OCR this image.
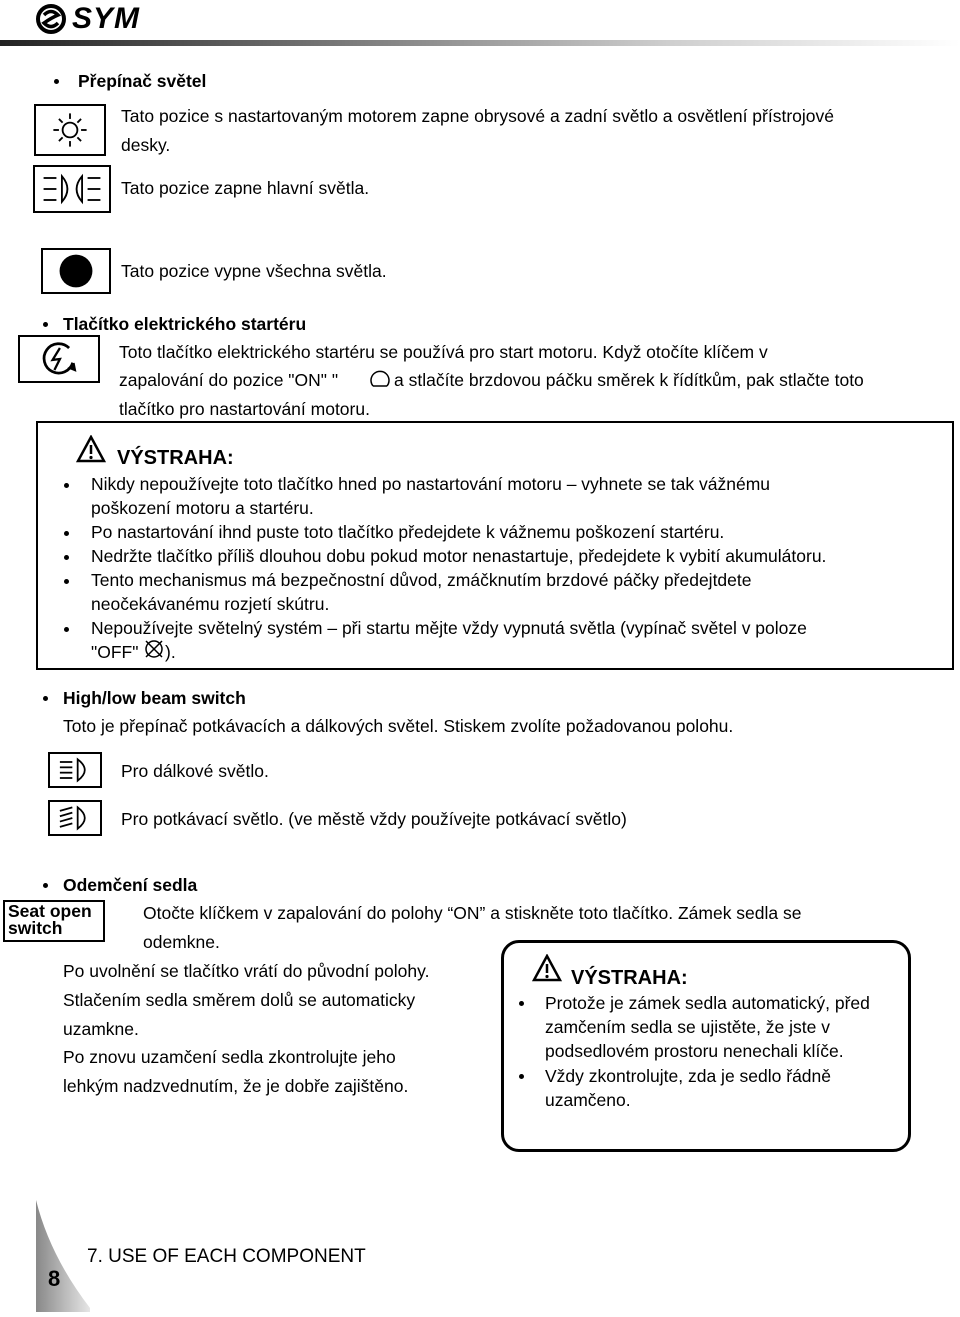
SYM
Přepínač světel
Tato pozice s nastartovaným motorem zapne obrysové a zadní světlo a osvětlení přístrojové
desky.
Tato pozice zapne hlavní světla.
Tato pozice vypne všechna světla.
Tlačítko elektrického startéru
Toto tlačítko elektrického startéru se používá pro start motoru. Když otočíte klíčem v
zapalování do pozice "ON" "	a stlačíte brzdovou páčku směrek k řídítkům, pak stlačte toto
tlačítko pro nastartování motoru.
VÝSTRAHA:
Nikdy nepoužívejte toto tlačítko hned po nastartování motoru – vyhnete se tak vážnému
poškození motoru a startéru.
Po nastartování ihnd puste toto tlačítko předejdete k vážnemu poškození startéru.
Nedržte tlačítko příliš dlouhou dobu pokud motor nenastartuje, předejdete k vybití akumulátoru.
Tento mechanismus má bezpečnostní důvod, zmáčknutím brzdové páčky předejtdete
neočekávanému rozjetí skútru.
Nepoužívejte světelný systém – při startu mějte vždy vypnutá světla (vypínač světel v poloze
"OFF" ).
High/low beam switch
Toto je přepínač potkávacích a dálkových světel. Stiskem zvolíte požadovanou polohu.
Pro dálkové světlo.
Pro potkávací světlo. (ve městě vždy používejte potkávací světlo)
Odemčení sedla
Seat open
switch
Otočte klíčkem v zapalování do polohy “ON” a stiskněte toto tlačítko. Zámek sedla se
odemkne.
Po uvolnění se tlačítko vrátí do původní polohy.
Stlačením sedla směrem dolů se automaticky
uzamkne.
Po znovu uzamčení sedla zkontrolujte jeho
lehkým nadzvednutím, že je dobře zajištěno.
VÝSTRAHA:
Protože je zámek sedla automatický, před
zamčením sedla se ujistěte, že jste v
podsedlovém prostoru nenechali klíče.
Vždy zkontrolujte, zda je sedlo řádně
uzamčeno.
8
7. USE OF EACH COMPONENT
